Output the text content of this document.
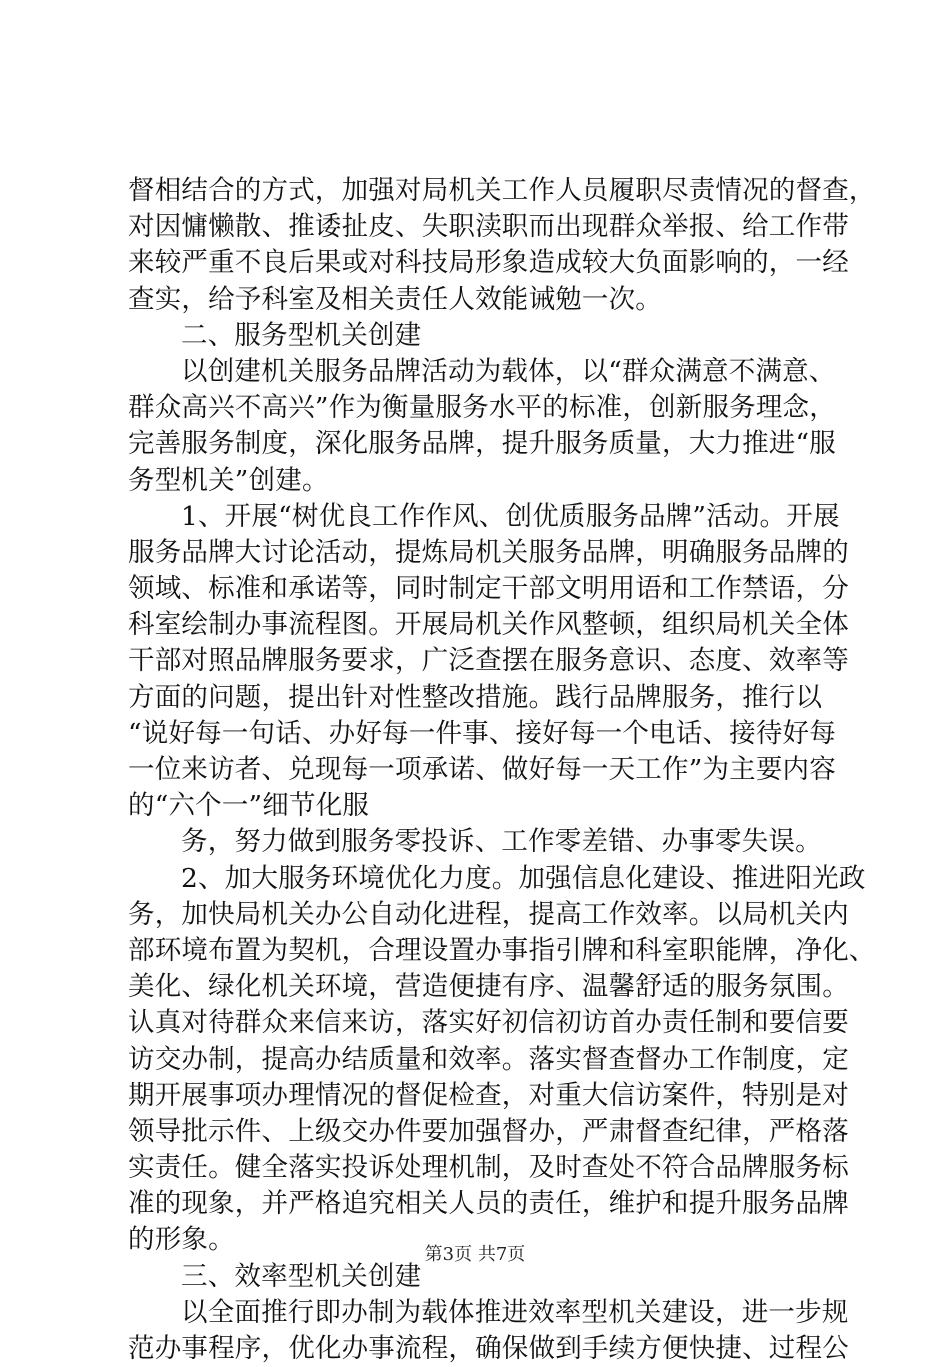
督相结合的方式，加强对局机关工作人员履职尽责情况的督查，
对因慵懒散、推诿扯皮、失职渎职而出现群众举报、给工作带
来较严重不良后果或对科技局形象造成较大负面影响的，一经
查实，给予科室及相关责任人效能诫勉一次。
二、服务型机关创建
以创建机关服务品牌活动为载体，以“群众满意不满意、
群众高兴不高兴”作为衡量服务水平的标准，创新服务理念，
完善服务制度，深化服务品牌，提升服务质量，大力推进“服
务型机关”创建。
1、开展“树优良工作作风、创优质服务品牌”活动。开展
服务品牌大讨论活动，提炼局机关服务品牌，明确服务品牌的
领域、标准和承诺等，同时制定干部文明用语和工作禁语，分
科室绘制办事流程图。开展局机关作风整顿，组织局机关全体
干部对照品牌服务要求，广泛查摆在服务意识、态度、效率等
方面的问题，提出针对性整改措施。践行品牌服务，推行以
“说好每一句话、办好每一件事、接好每一个电话、接待好每
一位来访者、兑现每一项承诺、做好每一天工作”为主要内容
的“六个一”细节化服
务，努力做到服务零投诉、工作零差错、办事零失误。
2、加大服务环境优化力度。加强信息化建设、推进阳光政
务，加快局机关办公自动化进程，提高工作效率。以局机关内
部环境布置为契机，合理设置办事指引牌和科室职能牌，净化、
美化、绿化机关环境，营造便捷有序、温馨舒适的服务氛围。
认真对待群众来信来访，落实好初信初访首办责任制和要信要
访交办制，提高办结质量和效率。落实督查督办工作制度，定
期开展事项办理情况的督促检查，对重大信访案件，特别是对
领导批示件、上级交办件要加强督办，严肃督查纪律，严格落
实责任。健全落实投诉处理机制，及时查处不符合品牌服务标
准的现象，并严格追究相关人员的责任，维护和提升服务品牌
的形象。
三、效率型机关创建
以全面推行即办制为载体推进效率型机关建设，进一步规
范办事程序，优化办事流程，确保做到手续方便快捷、过程公
第3页 共7页
